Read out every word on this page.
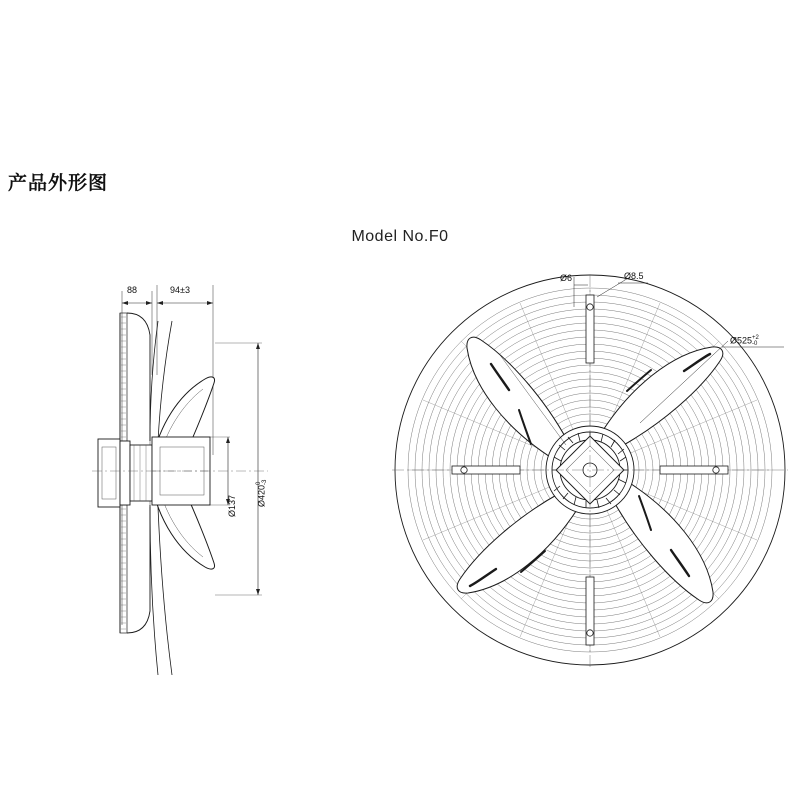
产品外形图
Model No.F0
88	94±3
Ø137 Ø4200
-3
Ø6	Ø8.5
Ø525+2
-0
